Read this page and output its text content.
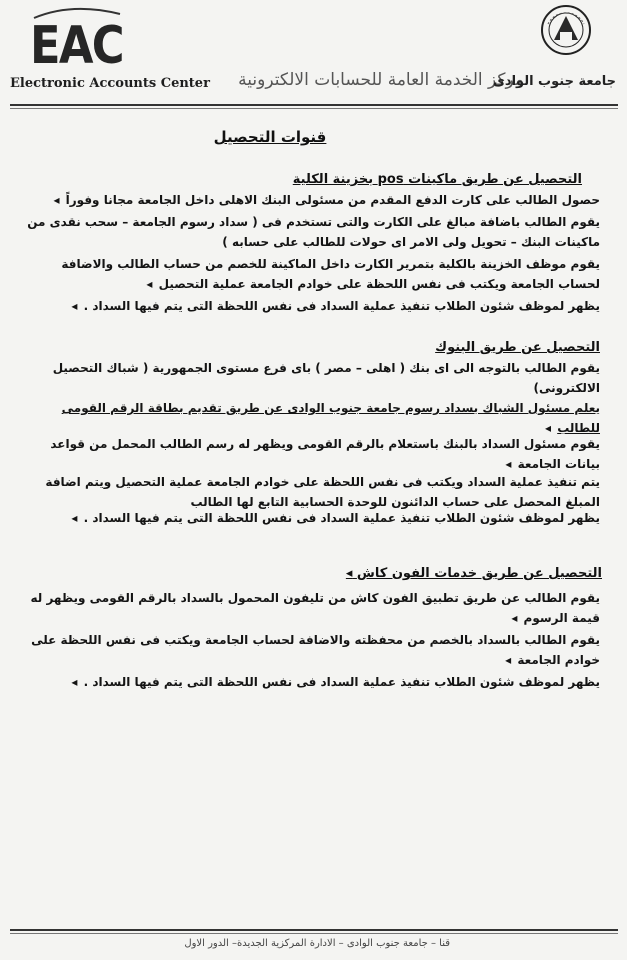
EAC
Electronic Accounts Center	مركز الخدمة العامة للحسابات الالكترونية
جامعة جنوب الوادى
قنوات التحصيل
التحصيل عن طريق ماكينات pos بخزينة الكلية
حصول الطالب على كارت الدفع المقدم من مسئولى البنك الاهلى داخل الجامعة مجانا وفوراً ◂
يقوم الطالب باضافة مبالغ على الكارت والتى تستخدم فى ( سداد رسوم الجامعة – سحب نقدى من ماكينات البنك – تحويل ولى الامر اى حولات للطالب على حسابه )
يقوم موظف الخزينة بالكلية بتمرير الكارت داخل الماكينة للخصم من حساب الطالب والاضافة لحساب الجامعة ويكتب فى نفس اللحظة على خوادم الجامعة عملية التحصيل ◂
يظهر لموظف شئون الطلاب تنفيذ عملية السداد فى نفس اللحظة التى يتم فيها السداد . ◂
التحصيل عن طريق البنوك
يقوم الطالب بالتوجه الى اى بنك ( اهلى – مصر ) باى فرع مستوى الجمهورية ( شباك التحصيل الالكترونى)
يعلم مسئول الشباك بسداد رسوم جامعة جنوب الوادى عن طريق تقديم بطاقة الرقم القومى للطالب ◂
يقوم مسئول السداد بالبنك باستعلام بالرقم القومى ويظهر له رسم الطالب المحمل من قواعد بيانات الجامعة ◂
يتم تنفيذ عملية السداد ويكتب فى نفس اللحظة على خوادم الجامعة عملية التحصيل ويتم اضافة المبلغ المحصل على حساب الدائنون للوحدة الحسابية التابع لها الطالب
يظهر لموظف شئون الطلاب تنفيذ عملية السداد فى نفس اللحظة التى يتم فيها السداد . ◂
التحصيل عن طريق خدمات الفون كاش ◂
يقوم الطالب عن طريق تطبيق الفون كاش من تليفون المحمول بالسداد بالرقم القومى ويظهر له قيمة الرسوم ◂
يقوم الطالب بالسداد بالخصم من محفظته والاضافة لحساب الجامعة ويكتب فى نفس اللحظة على خوادم الجامعة ◂
يظهر لموظف شئون الطلاب تنفيذ عملية السداد فى نفس اللحظة التى يتم فيها السداد . ◂
قنا – جامعة جنوب الوادى – الادارة المركزية الجديدة– الدور الاول
